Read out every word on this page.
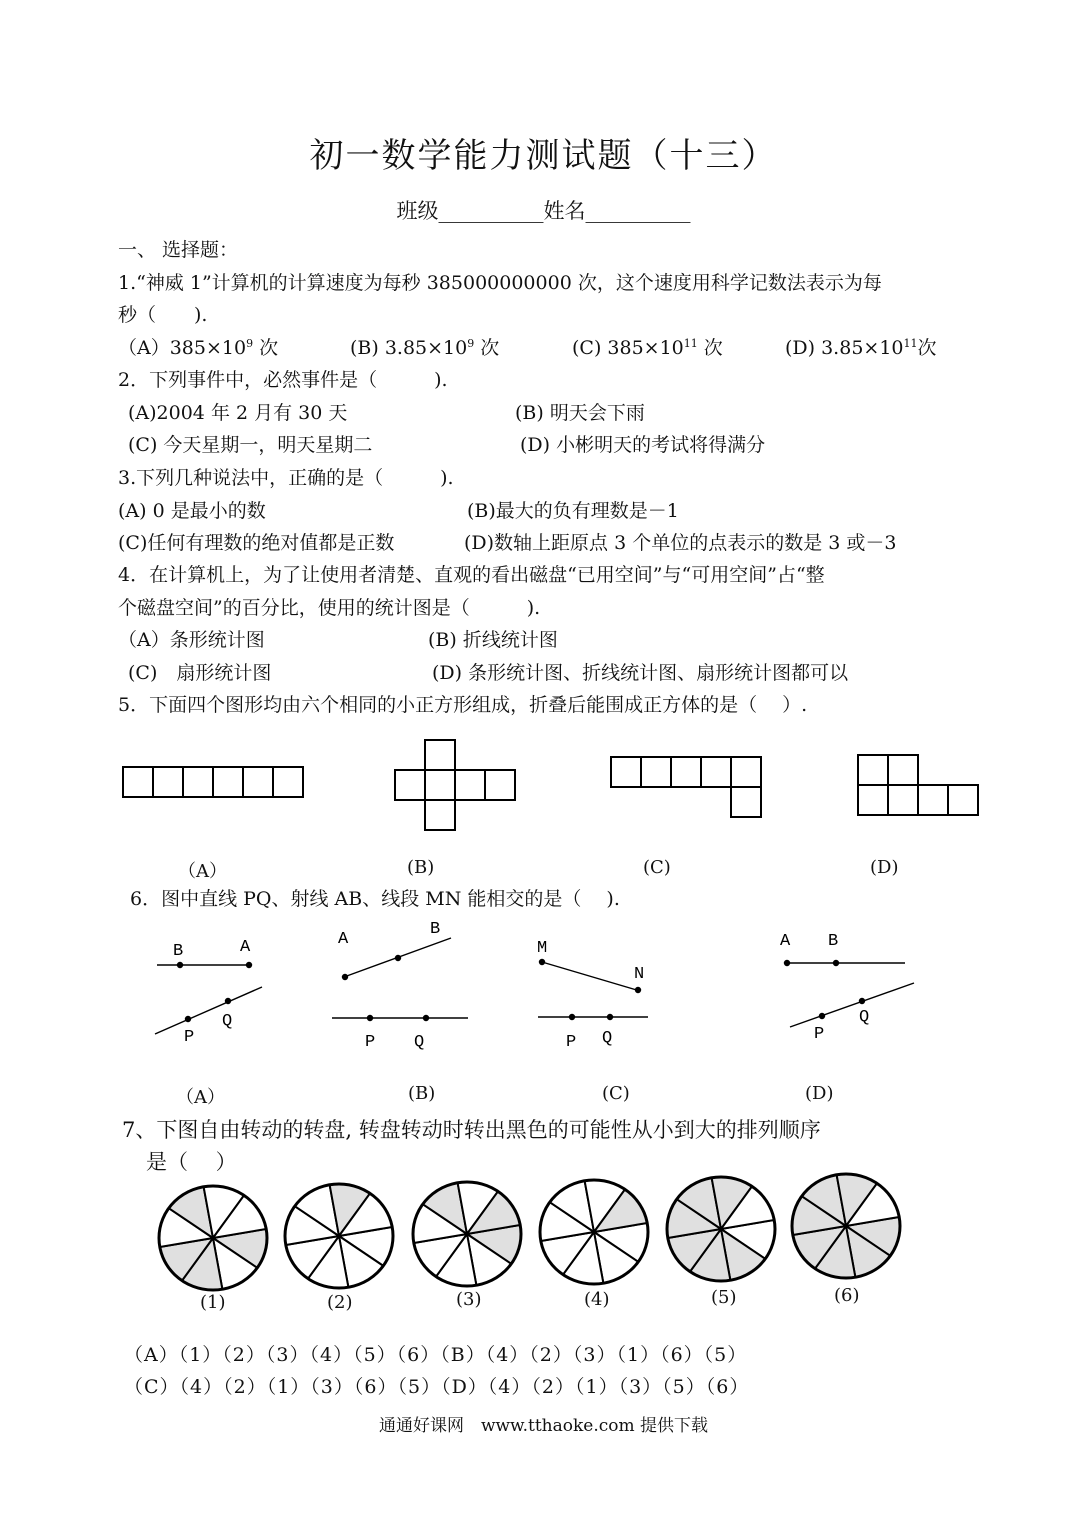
初一数学能力测试题（十三）
班级__________姓名__________
一、 选择题：
1.“神威 1”计算机的计算速度为每秒 385000000000 次，这个速度用科学记数法表示为每
秒（　　).
$(A)385\times 10^9$ 次	(B) $3.85\times 10^9$ 次	(C) $385\times 10^{11}$ 次	(D) $3.85\times 10^{11}$次
2．下列事件中，必然事件是（　　　).
(A)2004 年 2 月有 30 天	(B) 明天会下雨
(C) 今天星期一，明天星期二	(D) 小彬明天的考试将得满分
3.下列几种说法中，正确的是（　　　).
(A) 0 是最小的数	(B)最大的负有理数是－1
(C)任何有理数的绝对值都是正数	(D)数轴上距原点 3 个单位的点表示的数是 3 或－3
4．在计算机上，为了让使用者清楚、直观的看出磁盘“已用空间”与“可用空间”占“整
个磁盘空间”的百分比，使用的统计图是（　　　).
（A）条形统计图	(B) 折线统计图
(C)　扇形统计图	(D) 条形统计图、折线统计图、扇形统计图都可以
5．下面四个图形均由六个相同的小正方形组成，折叠后能围成正方体的是（　 ）.
B	A
P
Q
A
B
P Q
M
N
P Q
A B
P
Q
（A）	(B)	(C)	(D)
6．图中直线 PQ、射线 AB、线段 MN 能相交的是（　 ).
（A）	(B)	(C)	(D)
7、下图自由转动的转盘, 转盘转动时转出黑色的可能性从小到大的排列顺序
是（　 ）
(1)	(2)	(3)	(4)	(5)	(6)
（A）（1）（2）（3）（4）（5）（6）（B）（4）（2）（3）（1）（6）（5）
（C）（4）（2）（1）（3）（6）（5）（D）（4）（2）（1）（3）（5）（6）
通通好课网　www.tthaoke.com 提供下载
